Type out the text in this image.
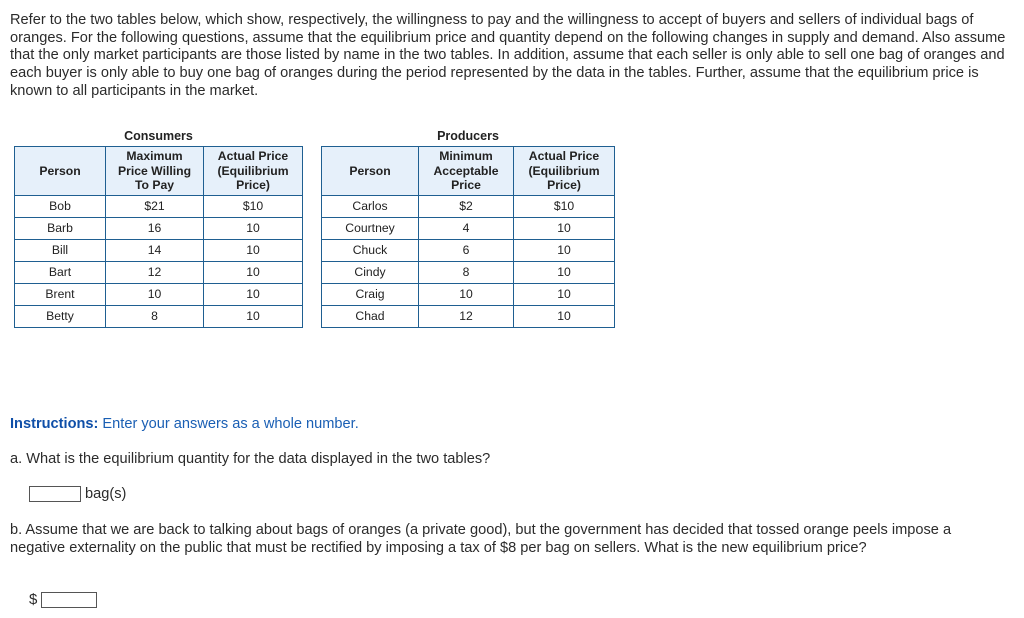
Refer to the two tables below, which show, respectively, the willingness to pay and the willingness to accept of buyers and sellers of individual bags of oranges. For the following questions, assume that the equilibrium price and quantity depend on the following changes in supply and demand. Also assume that the only market participants are those listed by name in the two tables. In addition, assume that each seller is only able to sell one bag of oranges and each buyer is only able to buy one bag of oranges during the period represented by the data in the tables. Further, assume that the equilibrium price is known to all participants in the market.
Consumers
Person	Maximum Price Willing To Pay	Actual Price (Equilibrium Price)
Bob	$21	$10
Barb	16	10
Bill	14	10
Bart	12	10
Brent	10	10
Betty	8	10
Producers
Person	Minimum Acceptable Price	Actual Price (Equilibrium Price)
Carlos	$2	$10
Courtney	4	10
Chuck	6	10
Cindy	8	10
Craig	10	10
Chad	12	10
Instructions: Enter your answers as a whole number.
a. What is the equilibrium quantity for the data displayed in the two tables?
bag(s)
b. Assume that we are back to talking about bags of oranges (a private good), but the government has decided that tossed orange peels impose a negative externality on the public that must be rectified by imposing a tax of $8 per bag on sellers. What is the new equilibrium price?
$
